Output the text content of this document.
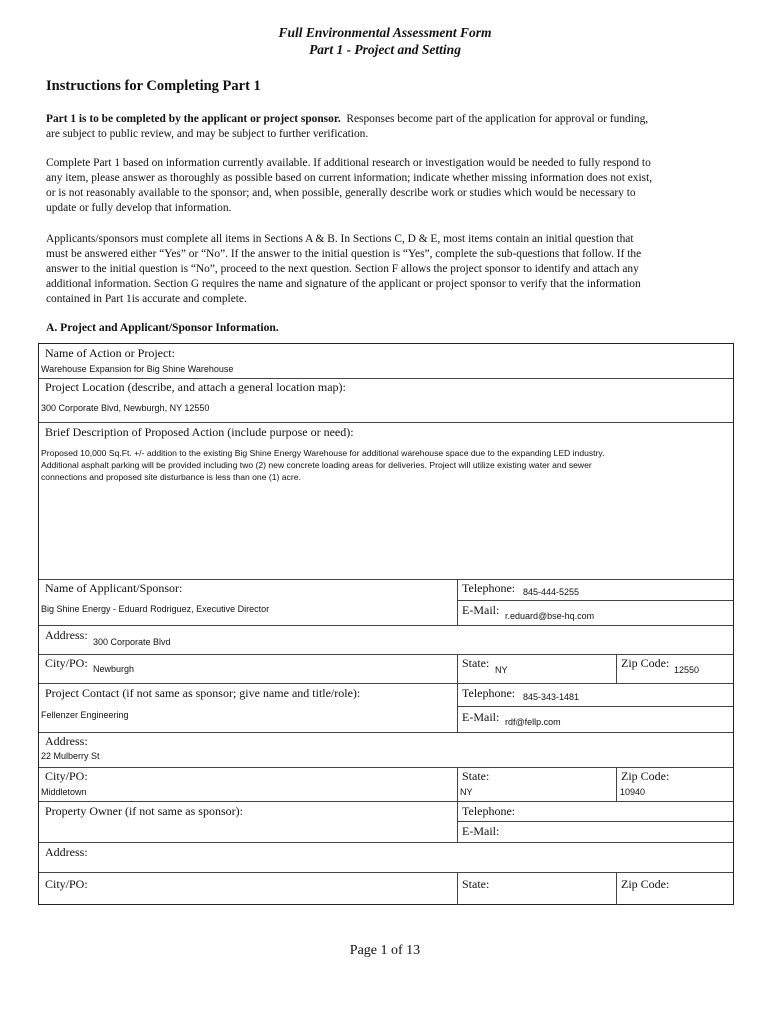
Full Environmental Assessment Form
Part 1 - Project and Setting
Instructions for Completing Part 1
Part 1 is to be completed by the applicant or project sponsor. Responses become part of the application for approval or funding,
are subject to public review, and may be subject to further verification.
Complete Part 1 based on information currently available. If additional research or investigation would be needed to fully respond to
any item, please answer as thoroughly as possible based on current information; indicate whether missing information does not exist,
or is not reasonably available to the sponsor; and, when possible, generally describe work or studies which would be necessary to
update or fully develop that information.
Applicants/sponsors must complete all items in Sections A & B. In Sections C, D & E, most items contain an initial question that
must be answered either “Yes” or “No”. If the answer to the initial question is “Yes”, complete the sub-questions that follow. If the
answer to the initial question is “No”, proceed to the next question. Section F allows the project sponsor to identify and attach any
additional information. Section G requires the name and signature of the applicant or project sponsor to verify that the information
contained in Part 1is accurate and complete.
A. Project and Applicant/Sponsor Information.
Name of Action or Project:
Warehouse Expansion for Big Shine Warehouse
Project Location (describe, and attach a general location map):
300 Corporate Blvd, Newburgh, NY 12550
Brief Description of Proposed Action (include purpose or need):
Proposed 10,000 Sq.Ft. +/- addition to the existing Big Shine Energy Warehouse for additional warehouse space due to the expanding LED industry.
Additional asphalt parking will be provided including two (2) new concrete loading areas for deliveries. Project will utilize existing water and sewer
connections and proposed site disturbance is less than one (1) acre.
Name of Applicant/Sponsor:
Big Shine Energy - Eduard Rodriguez, Executive Director
Telephone: 845-444-5255
E-Mail: r.eduard@bse-hq.com
Address: 300 Corporate Blvd
City/PO: Newburgh	State: NY	Zip Code: 12550
Project Contact (if not same as sponsor; give name and title/role):
Fellenzer Engineering
Telephone: 845-343-1481
E-Mail: rdf@fellp.com
Address:
22 Mulberry St
City/PO:
Middletown
State:
NY
Zip Code:
10940
Property Owner (if not same as sponsor):	Telephone:
E-Mail:
Address:
City/PO:	State:	Zip Code:
Page 1 of 13
